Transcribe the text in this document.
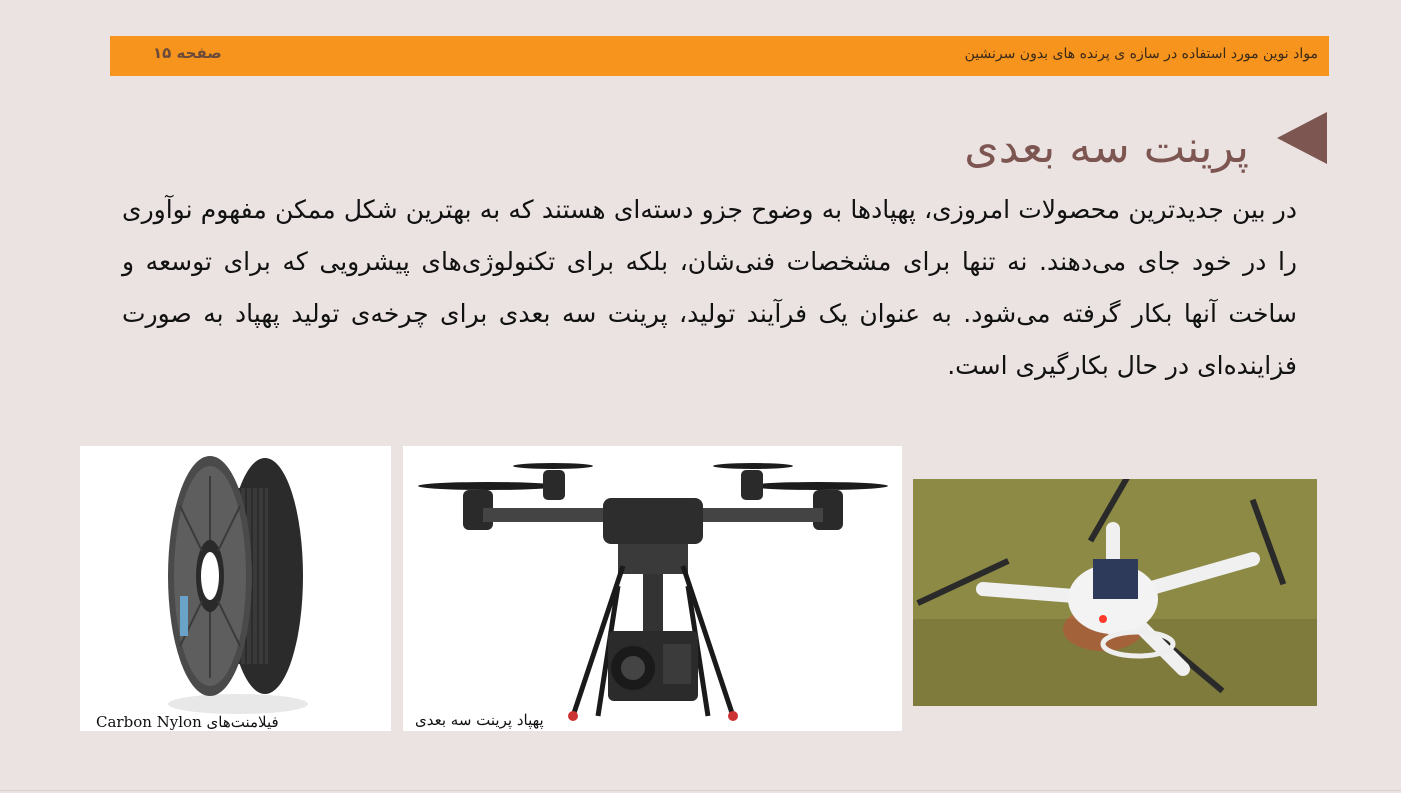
مواد نوین مورد استفاده در سازه ی پرنده های بدون سرنشین
صفحه ۱۵
پرینت سه بعدی
در بین جدیدترین محصولات امروزی، پهپادها به وضوح جزو دسته‌ای هستند که به بهترین شکل ممکن مفهوم نوآوری را در خود جای می‌دهند. نه تنها برای مشخصات فنی‌شان، بلکه برای تکنولوژی‌های پیشرویی که برای توسعه و ساخت آنها بکار گرفته می‌شود. به عنوان یک فرآیند تولید، پرینت سه بعدی برای چرخه‌ی تولید پهپاد به صورت فزاینده‌ای در حال بکارگیری است.
فیلامنت‌های Carbon Nylon	پهپاد پرینت سه بعدی
